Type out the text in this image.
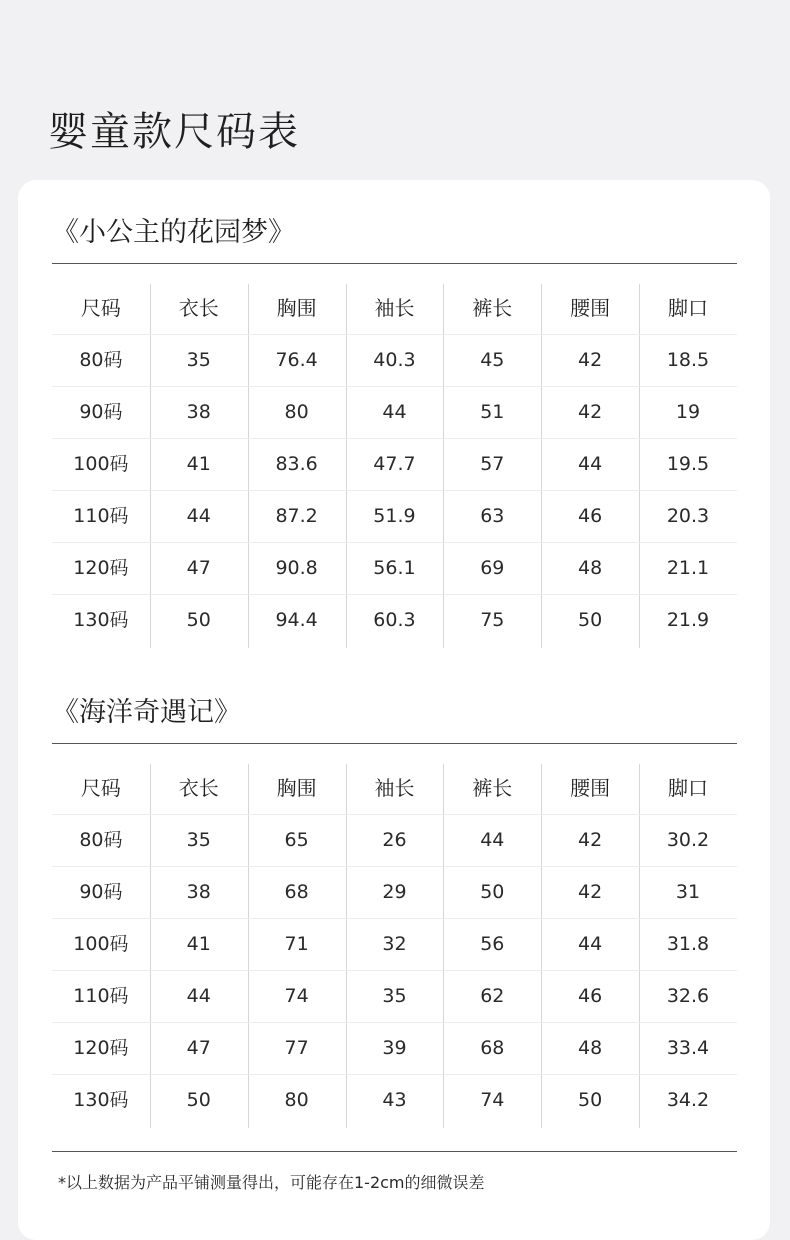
婴童款尺码表
《小公主的花园梦》
尺码	衣长	胸围	袖长	裤长	腰围	脚口
80码	35	76.4	40.3	45	42	18.5
90码	38	80	44	51	42	19
100码	41	83.6	47.7	57	44	19.5
110码	44	87.2	51.9	63	46	20.3
120码	47	90.8	56.1	69	48	21.1
130码	50	94.4	60.3	75	50	21.9
《海洋奇遇记》
尺码	衣长	胸围	袖长	裤长	腰围	脚口
80码	35	65	26	44	42	30.2
90码	38	68	29	50	42	31
100码	41	71	32	56	44	31.8
110码	44	74	35	62	46	32.6
120码	47	77	39	68	48	33.4
130码	50	80	43	74	50	34.2
*以上数据为产品平铺测量得出，可能存在1-2cm的细微误差
